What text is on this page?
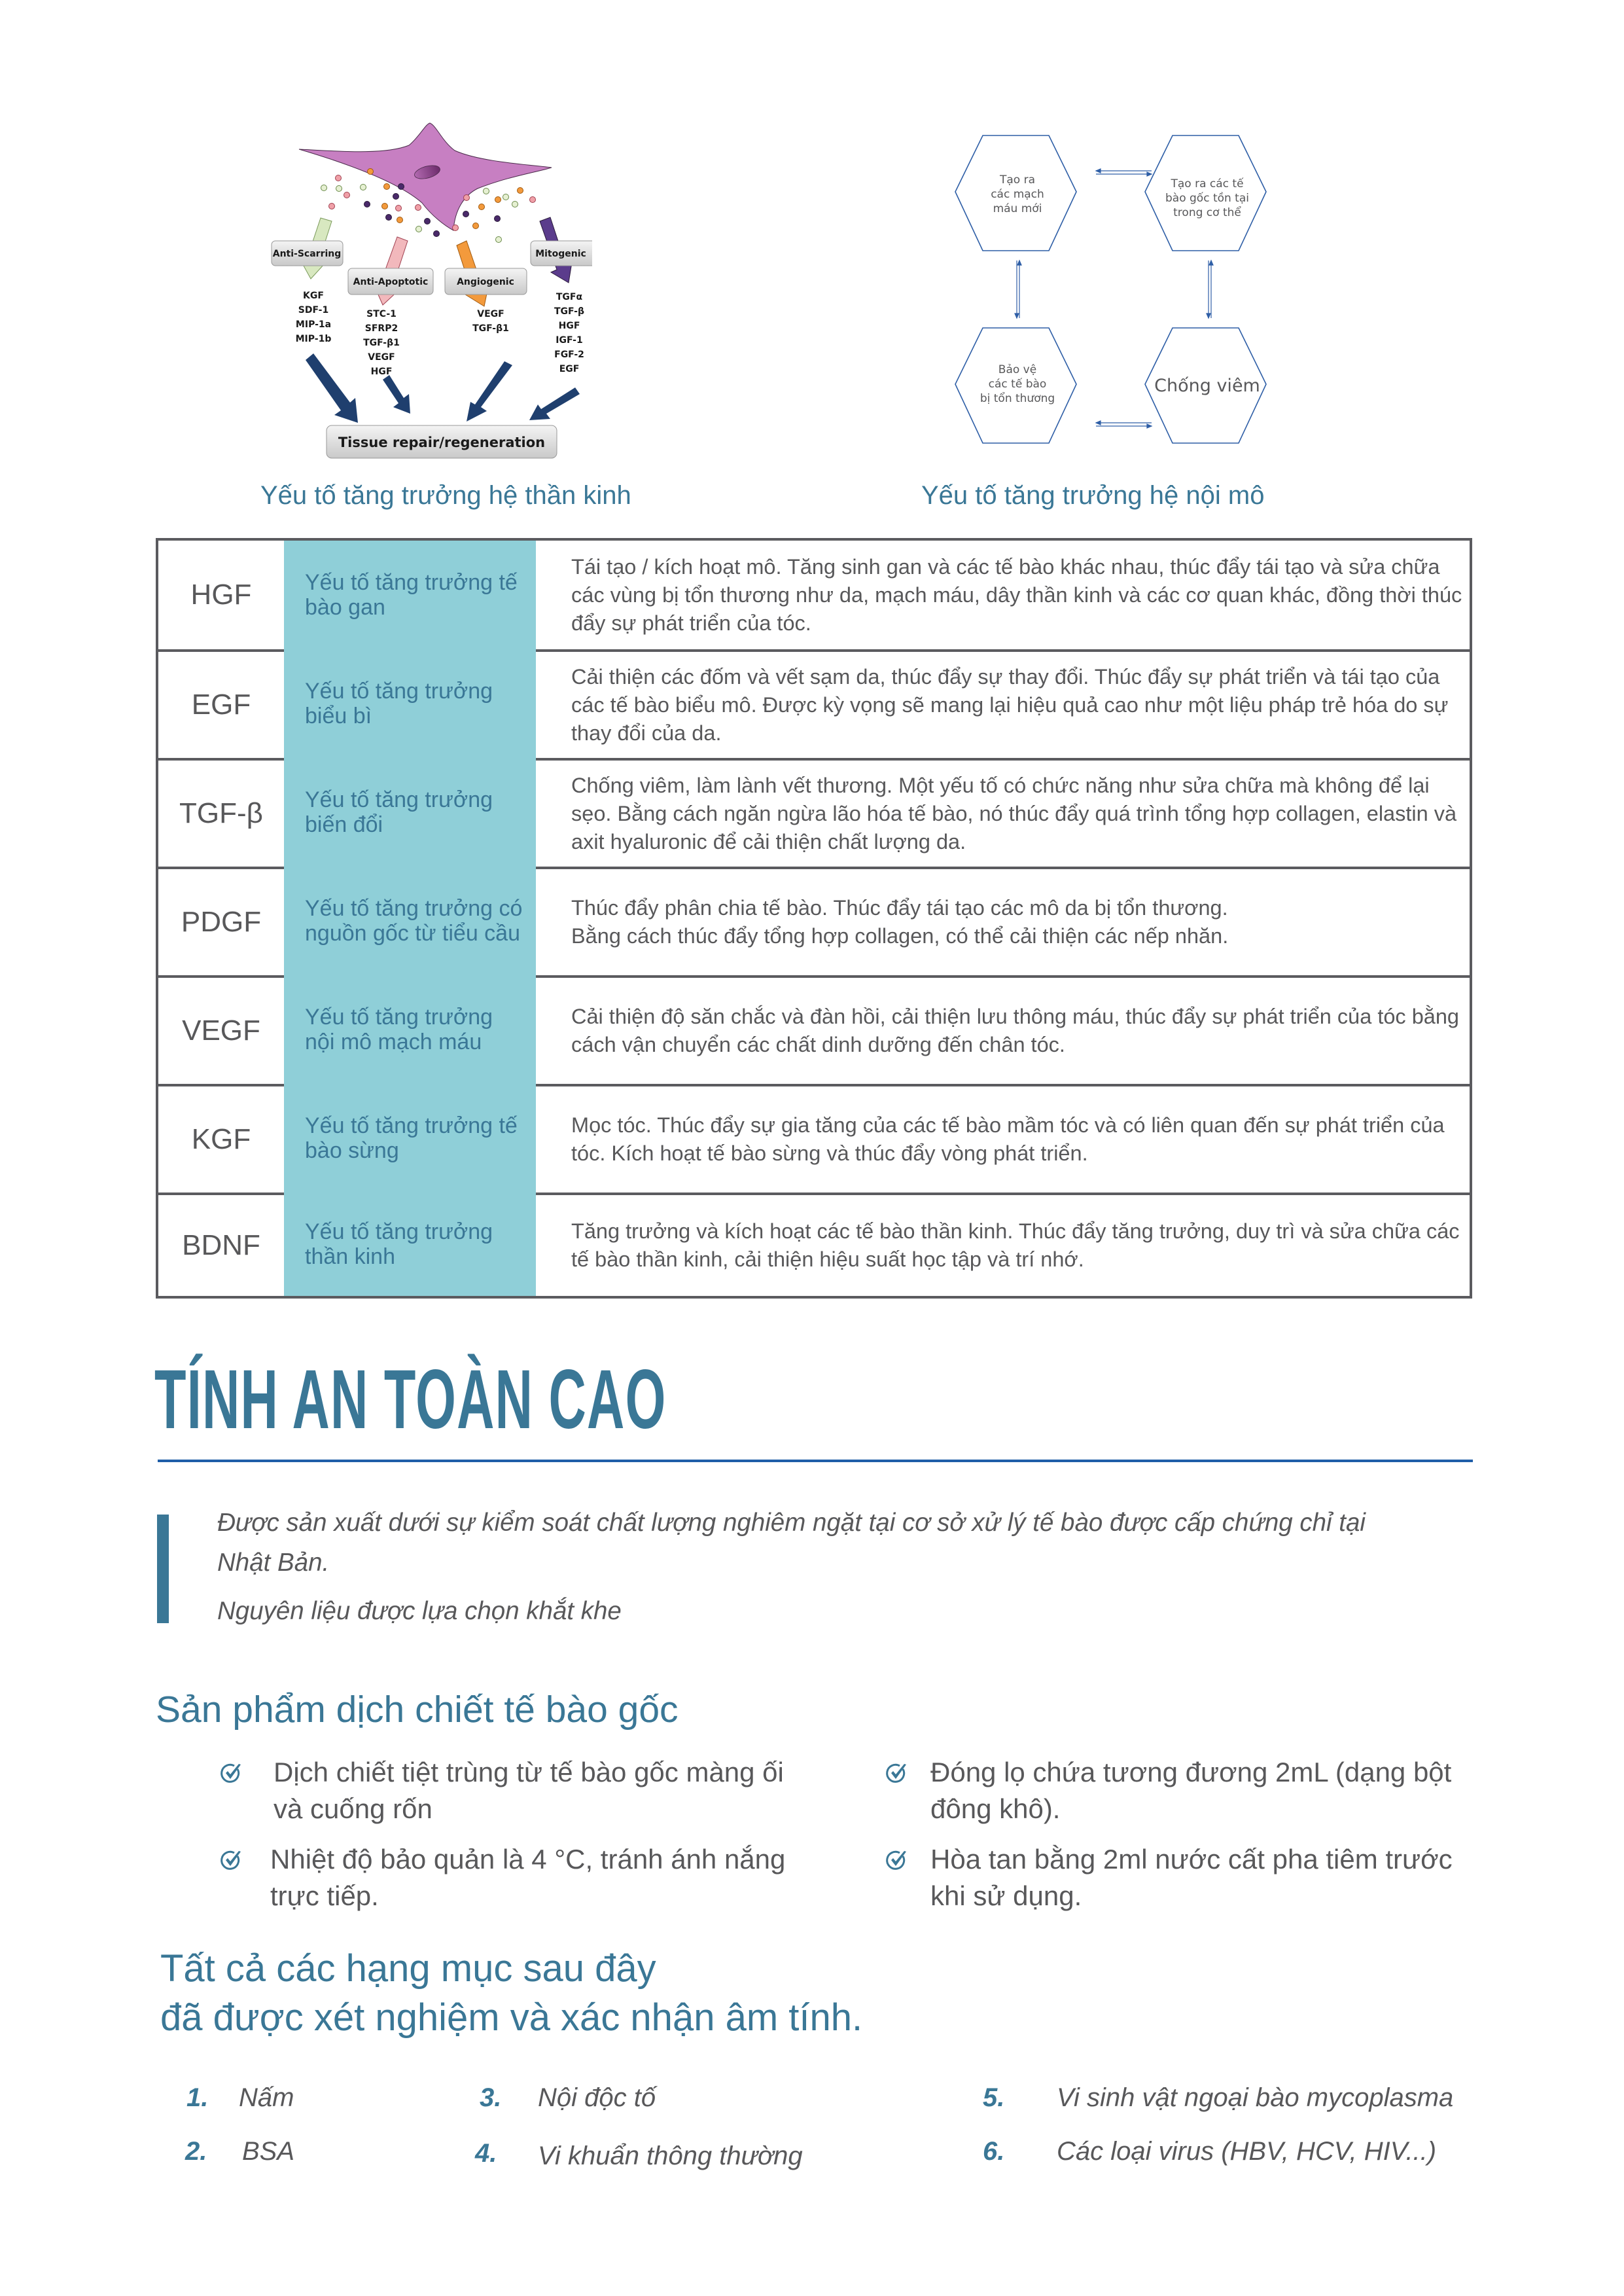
Anti-Scarring
Anti-Apoptotic	Angiogenic
Mitogenic
KGF
SDF-1
MIP-1a
MIP-1b
STC-1
SFRP2
TGF-β1
VEGF
HGF
VEGF
TGF-β1
TGFα
TGF-β
HGF
IGF-1
FGF-2
EGF
Tissue repair/regeneration
Tạo ra
các mạch
máu mới
Tạo ra các tế
bào gốc tồn tại
trong cơ thể
Bảo vệ
các tế bào
bị tổn thương
Chống viêm
Yếu tố tăng trưởng hệ thần kinh	Yếu tố tăng trưởng hệ nội mô
HGF	Yếu tố tăng trưởng tế bào gan
Tái tạo / kích hoạt mô. Tăng sinh gan và các tế bào khác nhau, thúc đẩy tái tạo và sửa chữa các vùng bị tổn thương như da, mạch máu, dây thần kinh và các cơ quan khác, đồng thời thúc đẩy sự phát triển của tóc.
EGF	Yếu tố tăng trưởng biểu bì
Cải thiện các đốm và vết sạm da, thúc đẩy sự thay đổi. Thúc đẩy sự phát triển và tái tạo của các tế bào biểu mô. Được kỳ vọng sẽ mang lại hiệu quả cao như một liệu pháp trẻ hóa do sự thay đổi của da.
TGF-β	Yếu tố tăng trưởng biến đổi
Chống viêm, làm lành vết thương. Một yếu tố có chức năng như sửa chữa mà không để lại sẹo. Bằng cách ngăn ngừa lão hóa tế bào, nó thúc đẩy quá trình tổng hợp collagen, elastin và axit hyaluronic để cải thiện chất lượng da.
PDGF	Yếu tố tăng trưởng có nguồn gốc từ tiểu cầu
Thúc đẩy phân chia tế bào. Thúc đẩy tái tạo các mô da bị tổn thương.
Bằng cách thúc đẩy tổng hợp collagen, có thể cải thiện các nếp nhăn.
VEGF	Yếu tố tăng trưởng nội mô mạch máu
Cải thiện độ săn chắc và đàn hồi, cải thiện lưu thông máu, thúc đẩy sự phát triển của tóc bằng cách vận chuyển các chất dinh dưỡng đến chân tóc.
KGF	Yếu tố tăng trưởng tế bào sừng
Mọc tóc. Thúc đẩy sự gia tăng của các tế bào mầm tóc và có liên quan đến sự phát triển của tóc. Kích hoạt tế bào sừng và thúc đẩy vòng phát triển.
BDNF	Yếu tố tăng trưởng thần kinh
Tăng trưởng và kích hoạt các tế bào thần kinh. Thúc đẩy tăng trưởng, duy trì và sửa chữa các tế bào thần kinh, cải thiện hiệu suất học tập và trí nhớ.
TÍNH AN TOÀN CAO
Được sản xuất dưới sự kiểm soát chất lượng nghiêm ngặt tại cơ sở xử lý tế bào được cấp chứng chỉ tại
Nhật Bản.
Nguyên liệu được lựa chọn khắt khe
Sản phẩm dịch chiết tế bào gốc
Dịch chiết tiệt trùng từ tế bào gốc màng ối
và cuống rốn
Nhiệt độ bảo quản là 4 °C, tránh ánh nắng
trực tiếp.
Đóng lọ chứa tương đương 2mL (dạng bột
đông khô).
Hòa tan bằng 2ml nước cất pha tiêm trước
khi sử dụng.
Tất cả các hạng mục sau đây
đã được xét nghiệm và xác nhận âm tính.
1. Nấm
2. BSA
3. Nội độc tố
4. Vi khuẩn thông thường
5. Vi sinh vật ngoại bào mycoplasma
6. Các loại virus (HBV, HCV, HIV...)
